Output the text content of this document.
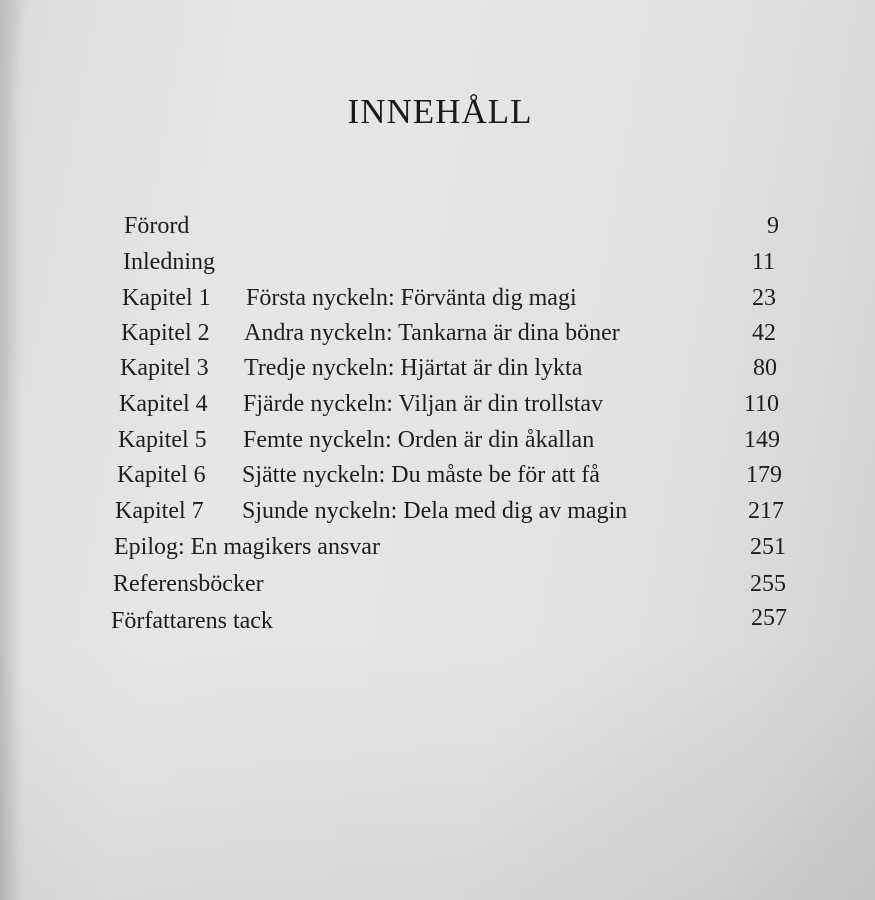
INNEHÅLL
Förord	9
Inledning	11
Kapitel 1 Första nyckeln: Förvänta dig magi	23
Kapitel 2 Andra nyckeln: Tankarna är dina böner	42
Kapitel 3 Tredje nyckeln: Hjärtat är din lykta	80
Kapitel 4 Fjärde nyckeln: Viljan är din trollstav	110
Kapitel 5 Femte nyckeln: Orden är din åkallan	149
Kapitel 6 Sjätte nyckeln: Du måste be för att få	179
Kapitel 7 Sjunde nyckeln: Dela med dig av magin	217
Epilog: En magikers ansvar	251
Referensböcker	255
Författarens tack	257
